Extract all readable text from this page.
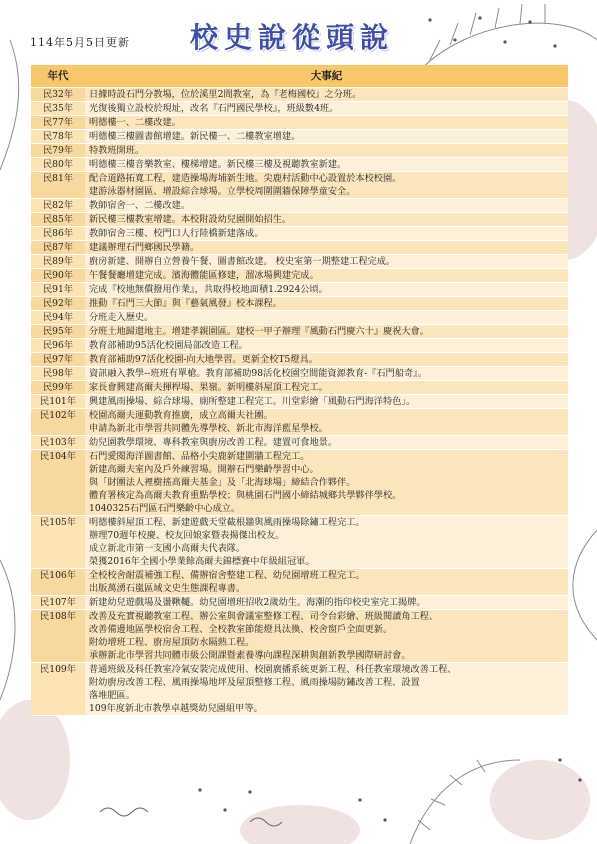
114年5月5日更新 校史說從頭說
年代	大事紀
民32年	日據時設石門分教場，位於溪里2間教室，為『老梅國校』之分班。

民35年	光復後獨立設校於現址，改名『石門國民學校』，班級數4班。

民77年	明德樓一、二樓改建。

民78年	明德樓三樓圖書館增建。新民樓一、二樓教室增建。

民79年	特教班開班。

民80年	明德樓三樓音樂教室、樓梯增建。新民樓三樓及視聽教室新建。

民81年	配合道路拓寬工程，建造操場海埔新生地。尖鹿村活動中心設置於本校校園。
建游泳器材園區、增設綜合球場。立學校周圍圍牆保障學童安全。

民82年	教師宿舍一、二樓改建。

民85年	新民樓三樓教室增建。本校附設幼兒園開始招生。

民86年	教師宿舍三樓、校門口人行陸橋新建落成。

民87年	建議辦理石門鄉國民學籍。

民89年	廚房新建、開辦自立營養午餐、圖書館改建。 校史室第一期整建工程完成。

民90年	午餐餐廳增建完成。濱海體能區修建，溜冰場興建完成。

民91年	完成『校地無償撥用作業』，共取得校地面積1.2924公頃。

民92年	推動『石門三大節』與『藝氣風發』校本課程。

民94年	分班走入歷史。

民95年	分班土地歸還地主。增建孝親園區。建校一甲子辦理『風動石門慶六十』慶祝大會。

民96年	教育部補助95活化校園局部改造工程。

民97年	教育部補助97活化校園-向大地學習。更新全校T5燈具。

民98年	資訊融入教學--班班有單槍。教育部補助98活化校園空間能資源教育-『石門船奇』。

民99年	家長會興建高爾夫揮桿場、果嶺。新明樓斜屋頂工程完工。

民101年	興建風雨操場、綜合球場、廁所整建工程完工。川堂彩繪「風動石門海洋特色」。

民102年	校園高爾夫運動教育推廣，成立高爾夫社團。
申請為新北市學習共同體先導學校、新北市海洋藍星學校。

民103年	幼兒園教學環境、專科教室與廚房改善工程。建置可食地景。

民104年	石門愛閱海洋圖書館、品格小尖鹿新建圍牆工程完工。
新建高爾夫室內及戶外練習場。開辦石門樂齡學習中心。
與「財團法人裡樹搖高爾夫基金」及「北海球場」締結合作夥伴。
體育署核定為高爾夫教育重點學校；與桃園石門國小締結城鄉共學夥伴學校。
1040325石門區石門樂齡中心成立。

民105年	明德樓斜屋頂工程、新建遊戲天堂截根牆與風雨操場除鏽工程完工。
辦理70週年校慶、校友回娘家暨表揚傑出校友。
成立新北市第一支國小高爾夫代表隊。
榮獲2016年全國小學業餘高爾夫錦標賽中年級組冠軍。

民106年	全校校舍耐震補強工程、備辦宿舍整建工程、幼兒園增班工程完工。
出版萬湧石嵐區域文史生態課程專書。

民107年	新建幼兒遊戲場及盪鞦韆。幼兒園增班招收2歲幼生。海潮的指印校史室完工揭牌。

民108年	改善及充實視聽教室工程、辦公室與會議室整修工程、司令台彩繪、班級閱讀角工程、
改善備邊地區學校宿舍工程、全校教室節能燈具汰換、校舍窗戶全面更新。
附幼增班工程、廚房屋頂防水隔熱工程。
承辦新北市學習共同體市級公開課暨素養導向課程深耕與創新教學國際研討會。

民109年	普通班級及科任教室冷氣安裝完成使用、校園廣播系統更新工程、科任教室環境改善工程、
附幼廚房改善工程、風雨操場地坪及屋頂整修工程、風雨操場防鏽改善工程、設置
落堆肥區。
109年度新北市教學卓越獎幼兒園組甲等。
